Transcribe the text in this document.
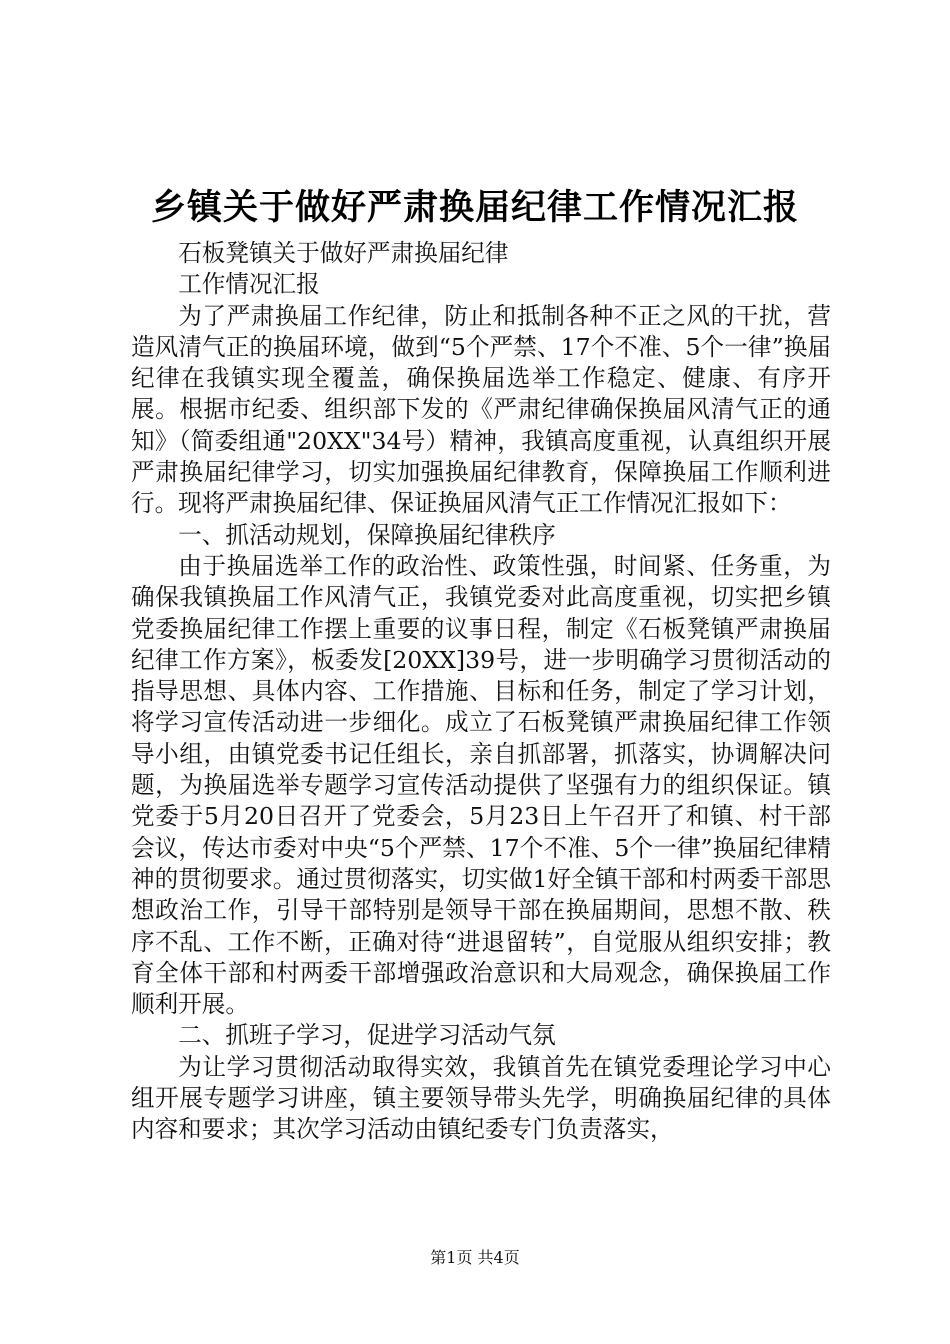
乡镇关于做好严肃换届纪律工作情况汇报

石板凳镇关于做好严肃换届纪律

工作情况汇报

为了严肃换届工作纪律，防止和抵制各种不正之风的干扰，营造风清气正的换届环境，做到“5个严禁、17个不准、5个一律”换届纪律在我镇实现全覆盖，确保换届选举工作稳定、健康、有序开展。根据市纪委、组织部下发的《严肃纪律确保换届风清气正的通知》（简委组通"20XX"34号）精神，我镇高度重视，认真组织开展严肃换届纪律学习，切实加强换届纪律教育，保障换届工作顺利进行。现将严肃换届纪律、保证换届风清气正工作情况汇报如下：

一、抓活动规划，保障换届纪律秩序

由于换届选举工作的政治性、政策性强，时间紧、任务重，为确保我镇换届工作风清气正，我镇党委对此高度重视，切实把乡镇党委换届纪律工作摆上重要的议事日程，制定《石板凳镇严肃换届纪律工作方案》，板委发[20XX]39号，进一步明确学习贯彻活动的指导思想、具体内容、工作措施、目标和任务，制定了学习计划，将学习宣传活动进一步细化。成立了石板凳镇严肃换届纪律工作领导小组，由镇党委书记任组长，亲自抓部署，抓落实，协调解决问题，为换届选举专题学习宣传活动提供了坚强有力的组织保证。镇党委于5月20日召开了党委会，5月23日上午召开了和镇、村干部会议，传达市委对中央“5个严禁、17个不准、5个一律”换届纪律精神的贯彻要求。通过贯彻落实，切实做1好全镇干部和村两委干部思想政治工作，引导干部特别是领导干部在换届期间，思想不散、秩序不乱、工作不断，正确对待“进退留转”，自觉服从组织安排；教育全体干部和村两委干部增强政治意识和大局观念，确保换届工作顺利开展。

二、抓班子学习，促进学习活动气氛

为让学习贯彻活动取得实效，我镇首先在镇党委理论学习中心组开展专题学习讲座，镇主要领导带头先学，明确换届纪律的具体内容和要求；其次学习活动由镇纪委专门负责落实，

第1页 共4页
